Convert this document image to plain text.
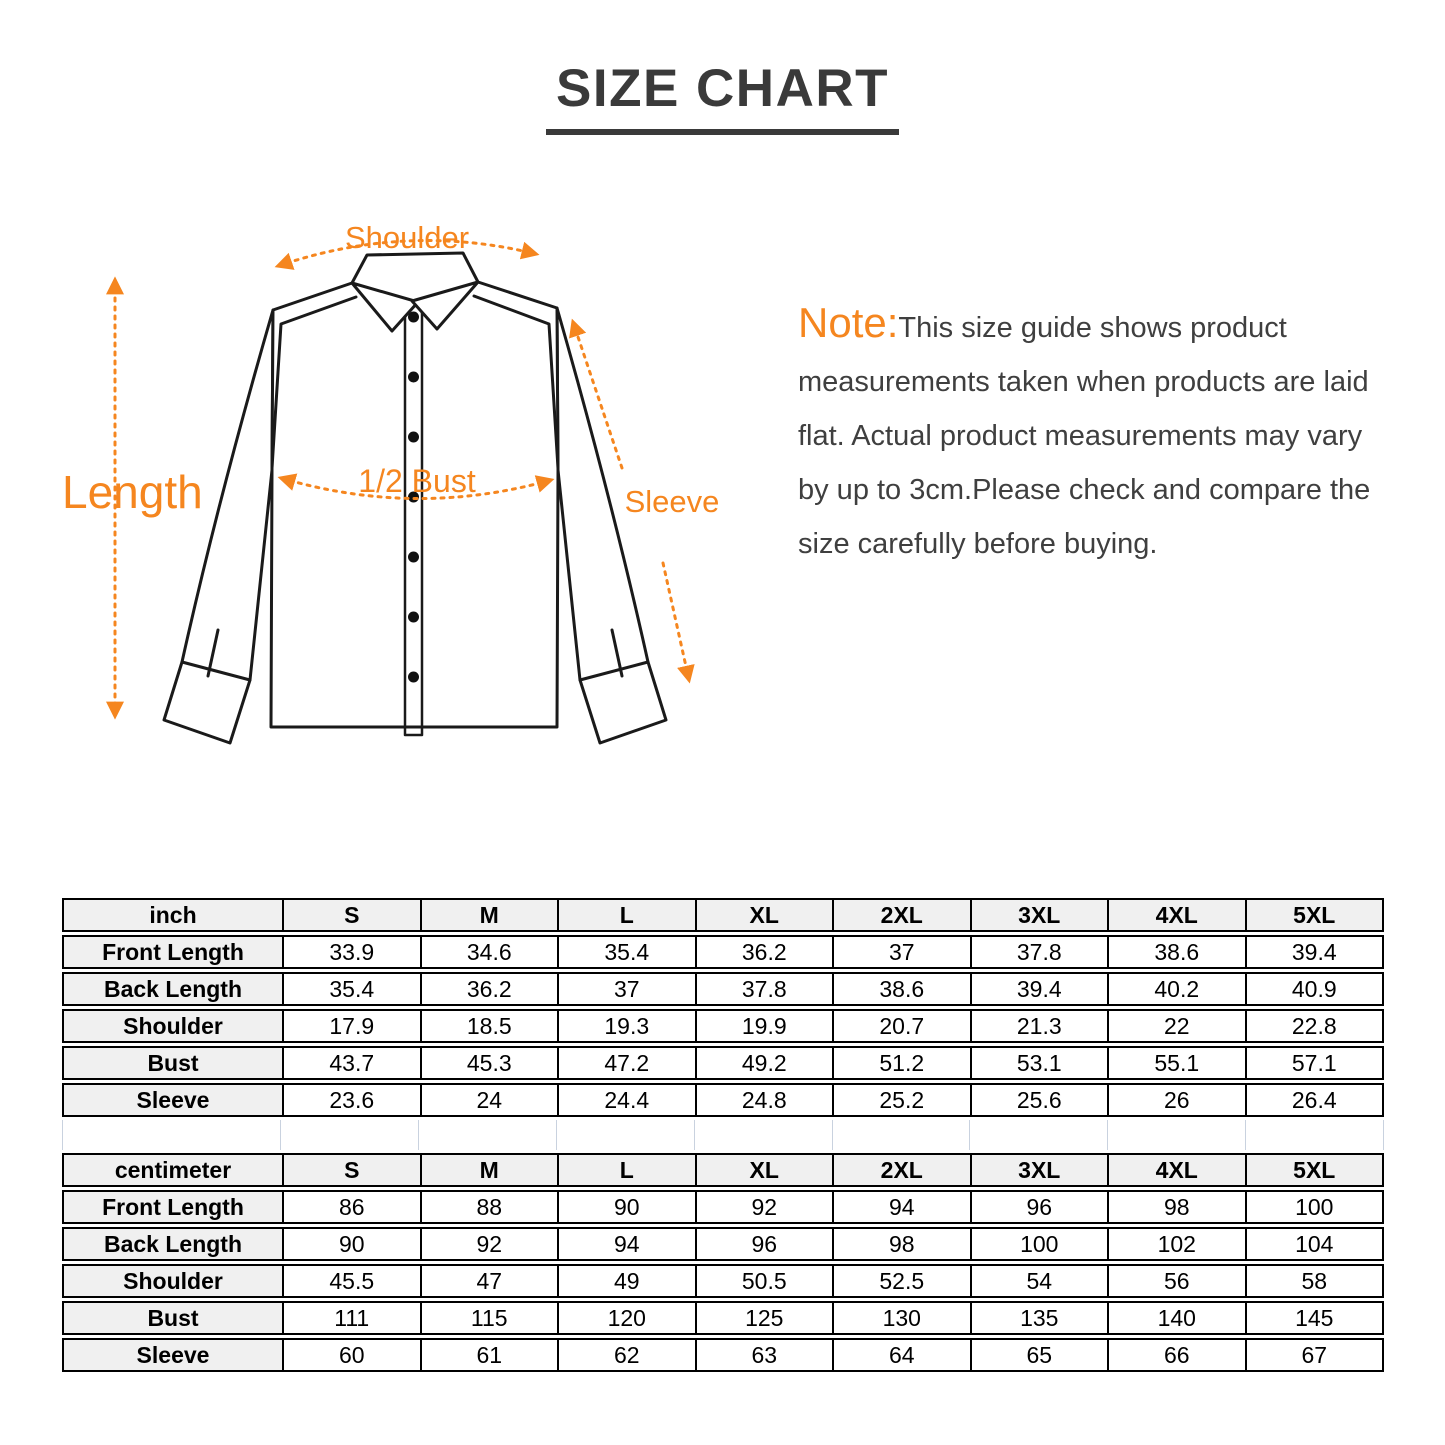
SIZE CHART
Shoulder
Length	1/2 Bust
Sleeve
Note:This size guide shows product measurements taken when products are laid flat. Actual product measurements may vary by up to 3cm.Please check and compare the size carefully before buying.
inch	S	M	L	XL	2XL	3XL	4XL	5XL
Front Length	33.9	34.6	35.4	36.2	37	37.8	38.6	39.4
Back Length	35.4	36.2	37	37.8	38.6	39.4	40.2	40.9
Shoulder	17.9	18.5	19.3	19.9	20.7	21.3	22	22.8
Bust	43.7	45.3	47.2	49.2	51.2	53.1	55.1	57.1
Sleeve	23.6	24	24.4	24.8	25.2	25.6	26	26.4
centimeter	S	M	L	XL	2XL	3XL	4XL	5XL
Front Length	86	88	90	92	94	96	98	100
Back Length	90	92	94	96	98	100	102	104
Shoulder	45.5	47	49	50.5	52.5	54	56	58
Bust	111	115	120	125	130	135	140	145
Sleeve	60	61	62	63	64	65	66	67
